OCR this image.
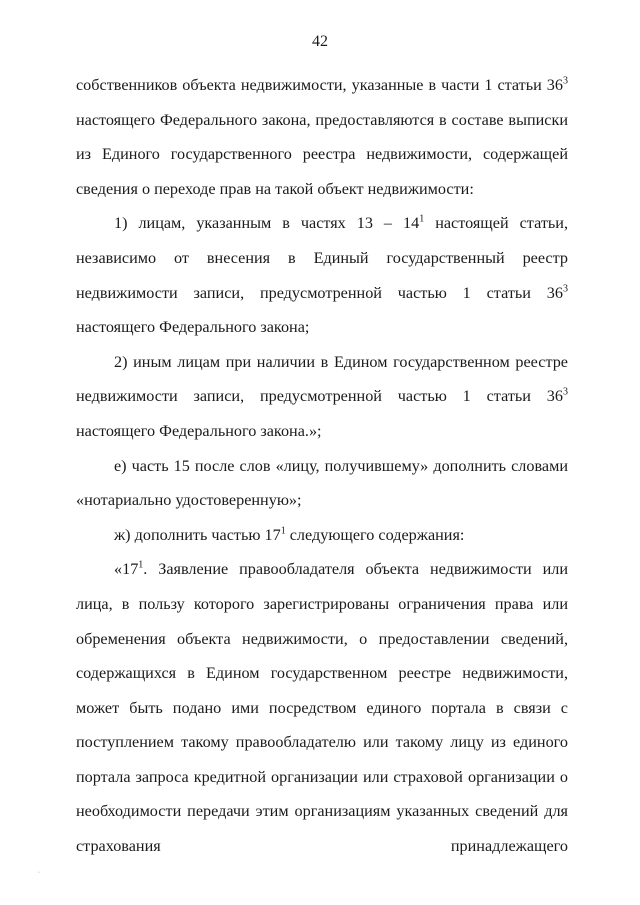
42

собственников объекта недвижимости, указанные в части 1 статьи $36^3$ настоящего Федерального закона, предоставляются в составе выписки из Единого государственного реестра недвижимости, содержащей сведения о переходе прав на такой объект недвижимости:

1) лицам, указанным в частях $13 - 14^1$ настоящей статьи, независимо от внесения в Единый государственный реестр недвижимости записи, предусмотренной частью 1 статьи $36^3$ настоящего Федерального закона;

2) иным лицам при наличии в Едином государственном реестре недвижимости записи, предусмотренной частью 1 статьи $36^3$ настоящего Федерального закона.»;

е) часть 15 после слов «лицу, получившему» дополнить словами «нотариально удостоверенную»;

ж) дополнить частью $17^1$ следующего содержания:

«$17^1$. Заявление правообладателя объекта недвижимости или лица, в пользу которого зарегистрированы ограничения права или обременения объекта недвижимости, о предоставлении сведений, содержащихся в Едином государственном реестре недвижимости, может быть подано ими посредством единого портала в связи с поступлением такому правообладателю или такому лицу из единого портала запроса кредитной организации или страховой организации о необходимости передачи этим организациям указанных сведений для страхования принадлежащего

·
